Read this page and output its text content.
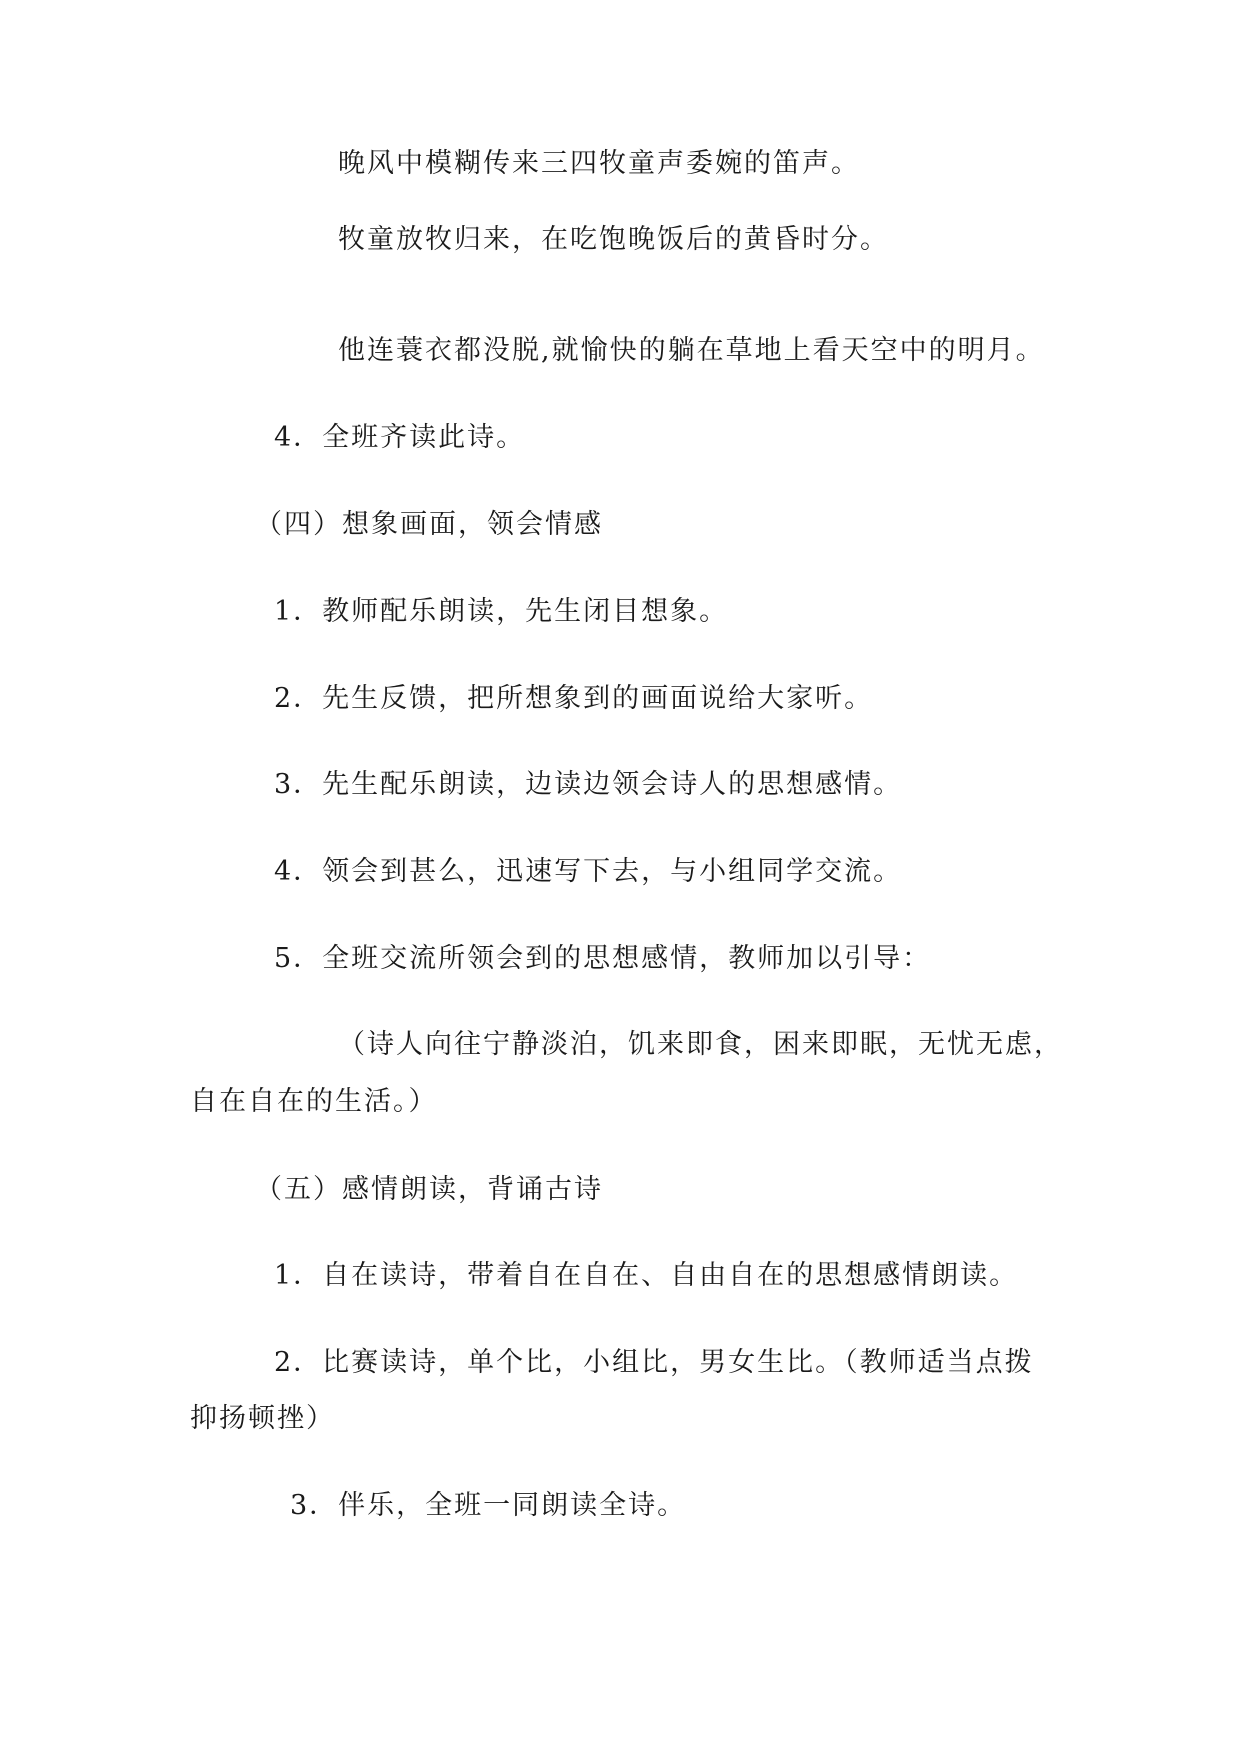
晚风中模糊传来三四牧童声委婉的笛声。
牧童放牧归来，在吃饱晚饭后的黄昏时分。
他连蓑衣都没脱,就愉快的躺在草地上看天空中的明月。
4．全班齐读此诗。
（四）想象画面，领会情感
1．教师配乐朗读，先生闭目想象。
2．先生反馈，把所想象到的画面说给大家听。
3．先生配乐朗读，边读边领会诗人的思想感情。
4．领会到甚么，迅速写下去，与小组同学交流。
5．全班交流所领会到的思想感情，教师加以引导：
（诗人向往宁静淡泊，饥来即食，困来即眠，无忧无虑，
自在自在的生活。）
（五）感情朗读，背诵古诗
1．自在读诗，带着自在自在、自由自在的思想感情朗读。
2．比赛读诗，单个比，小组比，男女生比。（教师适当点拨
抑扬顿挫）
3．伴乐，全班一同朗读全诗。
